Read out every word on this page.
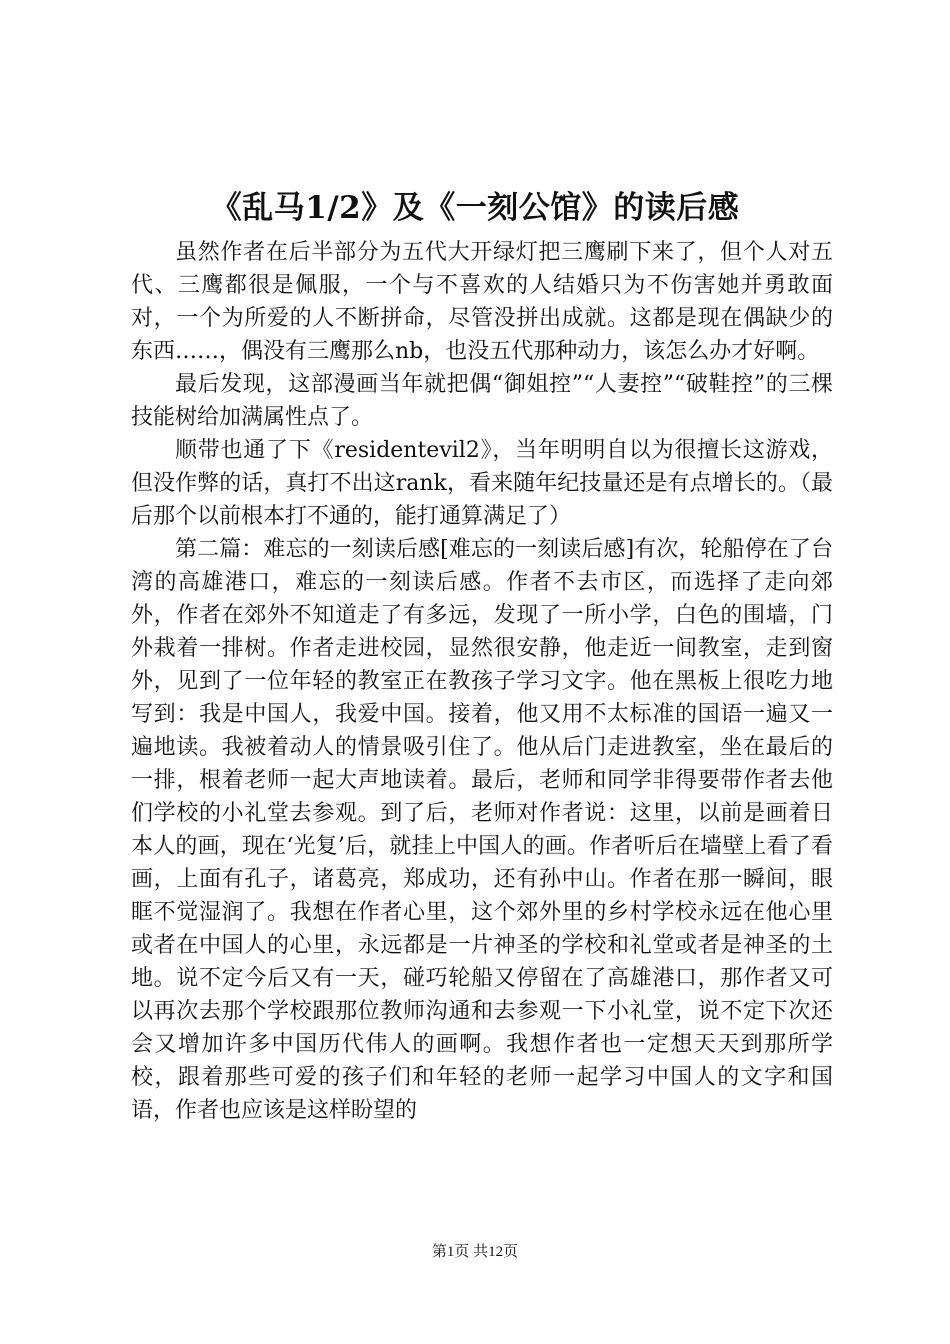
《乱马1/2》及《一刻公馆》的读后感

虽然作者在后半部分为五代大开绿灯把三鹰刷下来了，但个人对五代、三鹰都很是佩服，一个与不喜欢的人结婚只为不伤害她并勇敢面对，一个为所爱的人不断拼命，尽管没拼出成就。这都是现在偶缺少的东西……，偶没有三鹰那么nb，也没五代那种动力，该怎么办才好啊。

最后发现，这部漫画当年就把偶“御姐控”“人妻控”“破鞋控”的三棵技能树给加满属性点了。

顺带也通了下《residentevil2》，当年明明自以为很擅长这游戏，但没作弊的话，真打不出这rank，看来随年纪技量还是有点增长的。（最后那个以前根本打不通的，能打通算满足了）

第二篇：难忘的一刻读后感[难忘的一刻读后感]有次，轮船停在了台湾的高雄港口，难忘的一刻读后感。作者不去市区，而选择了走向郊外，作者在郊外不知道走了有多远，发现了一所小学，白色的围墙，门外栽着一排树。作者走进校园，显然很安静，他走近一间教室，走到窗外，见到了一位年轻的教室正在教孩子学习文字。他在黑板上很吃力地写到：我是中国人，我爱中国。接着，他又用不太标准的国语一遍又一遍地读。我被着动人的情景吸引住了。他从后门走进教室，坐在最后的一排，根着老师一起大声地读着。最后，老师和同学非得要带作者去他们学校的小礼堂去参观。到了后，老师对作者说：这里，以前是画着日本人的画，现在‘光复’后，就挂上中国人的画。作者听后在墙壁上看了看画，上面有孔子，诸葛亮，郑成功，还有孙中山。作者在那一瞬间，眼眶不觉湿润了。我想在作者心里，这个郊外里的乡村学校永远在他心里或者在中国人的心里，永远都是一片神圣的学校和礼堂或者是神圣的土地。说不定今后又有一天，碰巧轮船又停留在了高雄港口，那作者又可以再次去那个学校跟那位教师沟通和去参观一下小礼堂，说不定下次还会又增加许多中国历代伟人的画啊。我想作者也一定想天天到那所学校，跟着那些可爱的孩子们和年轻的老师一起学习中国人的文字和国语，作者也应该是这样盼望的

第1页 共12页
